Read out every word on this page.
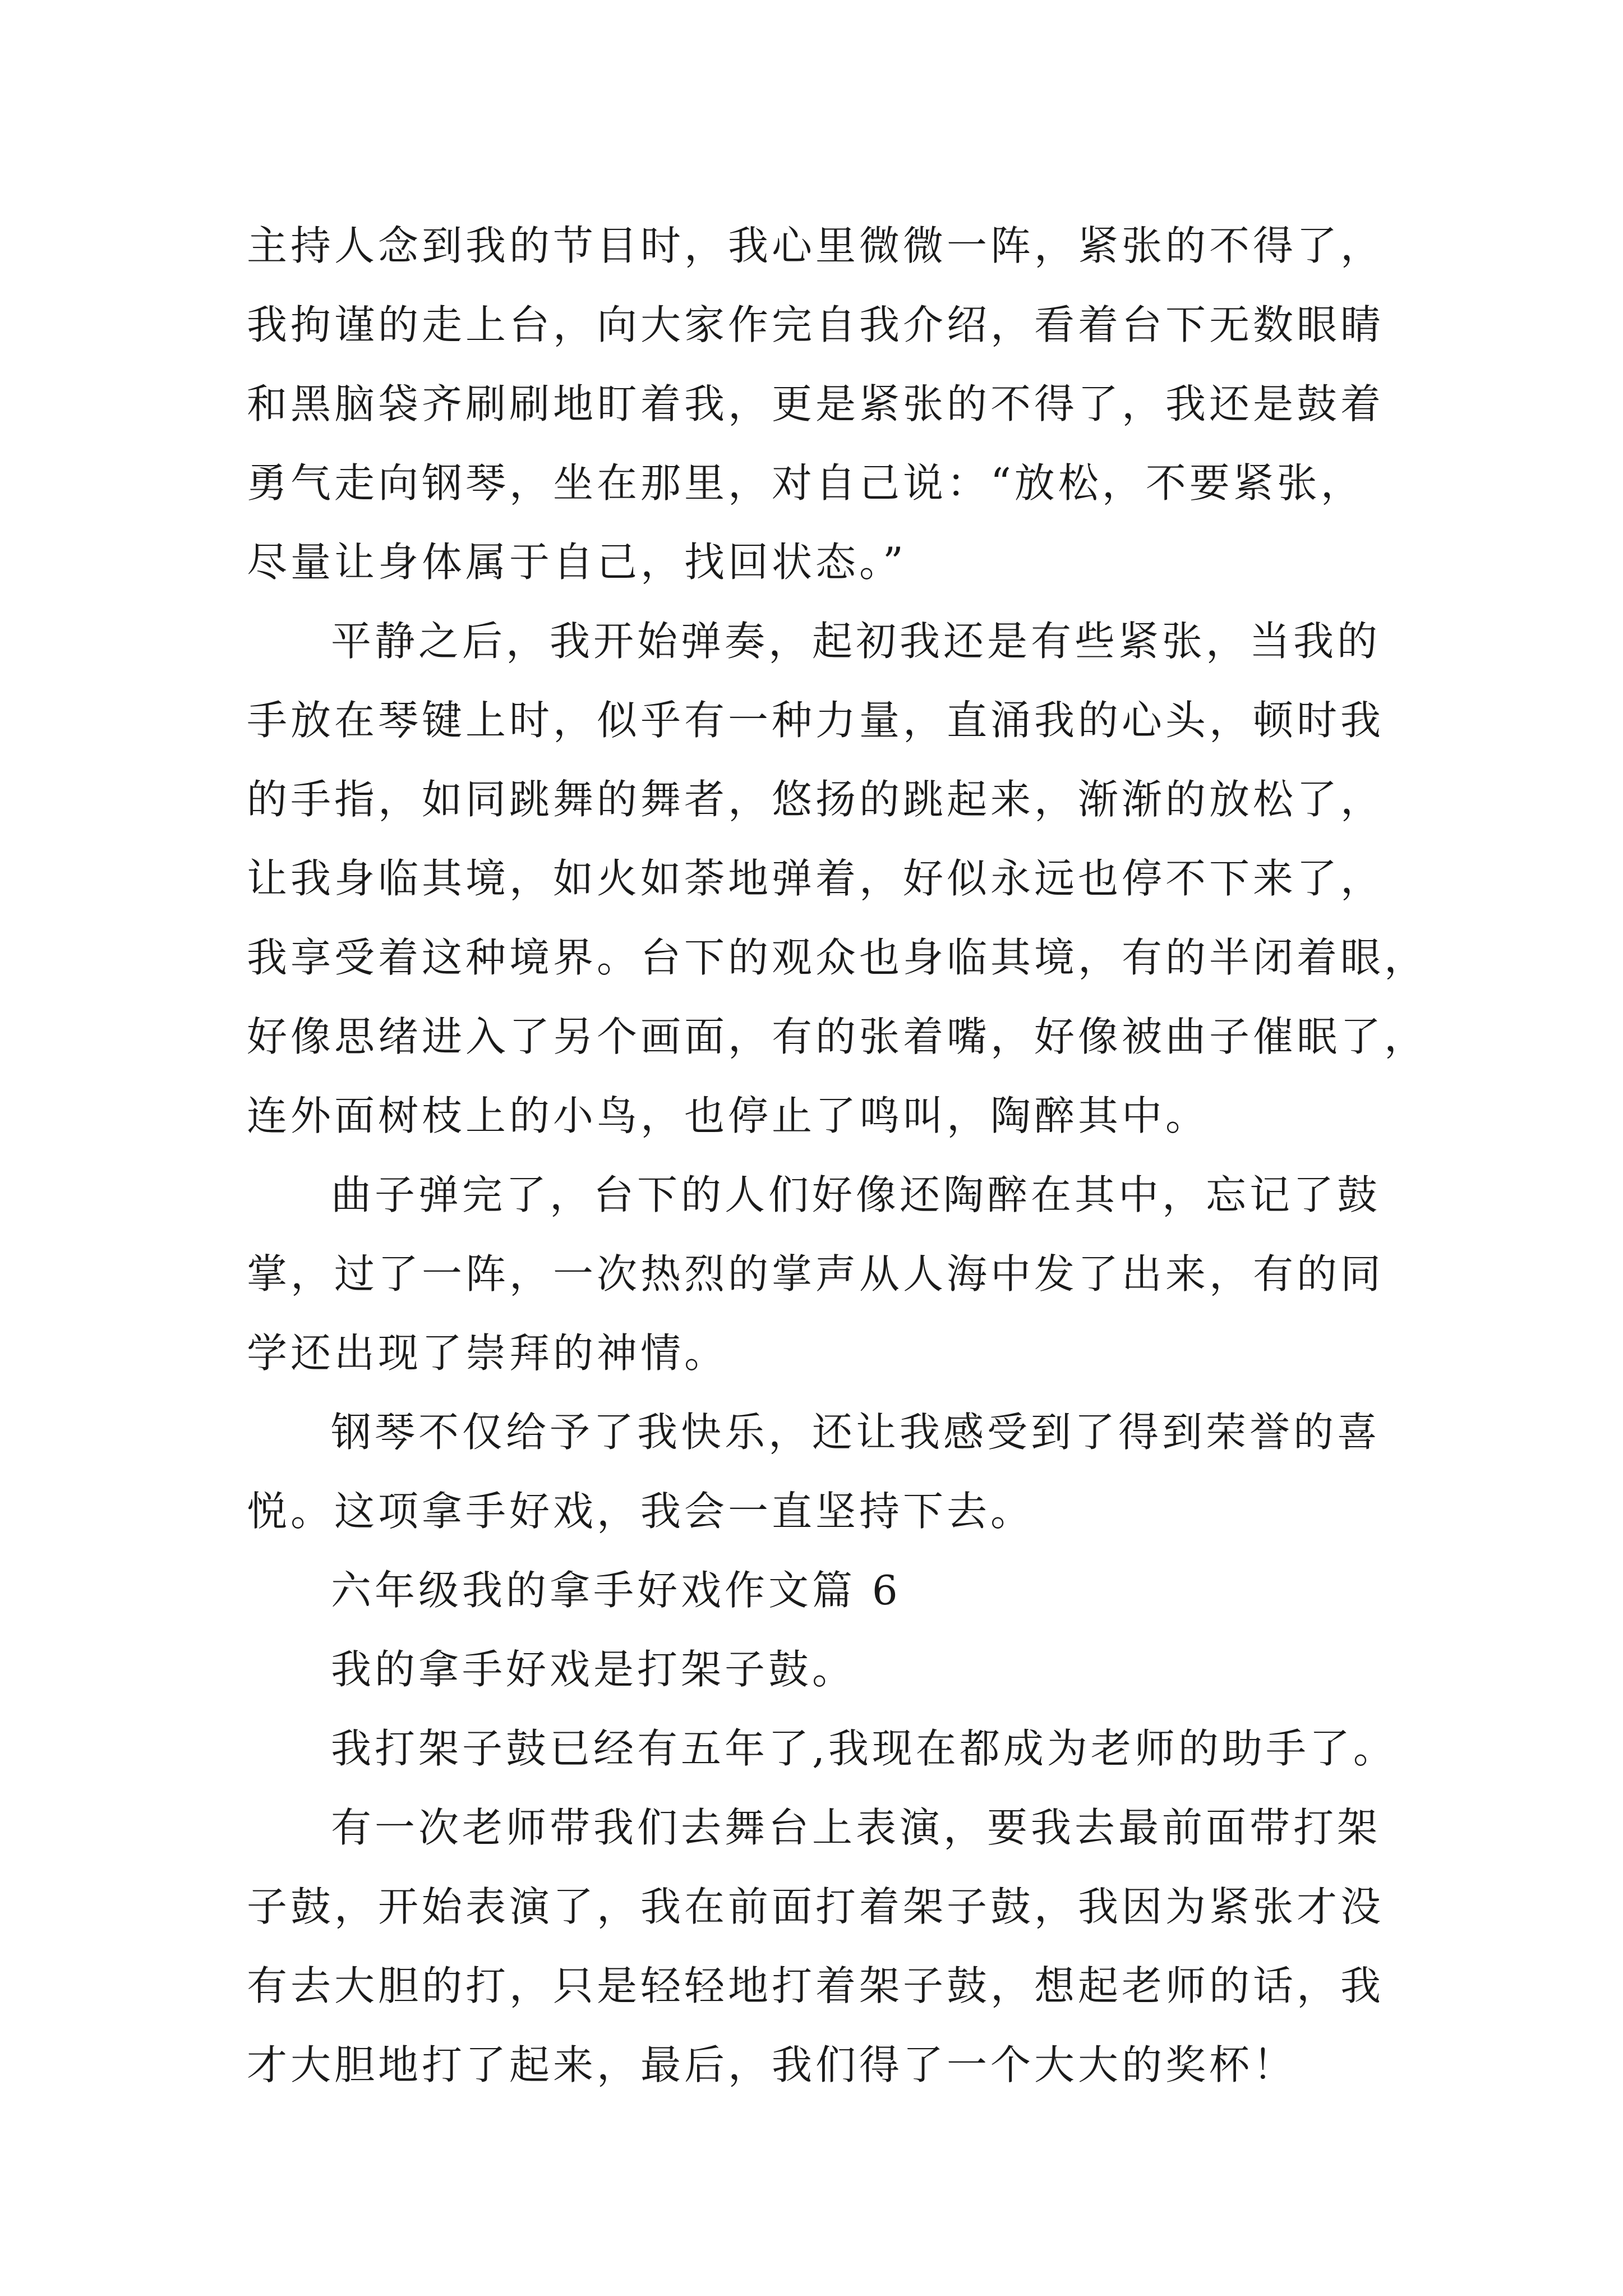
主持人念到我的节目时，我心里微微一阵，紧张的不得了，
我拘谨的走上台，向大家作完自我介绍，看着台下无数眼睛
和黑脑袋齐刷刷地盯着我，更是紧张的不得了，我还是鼓着
勇气走向钢琴，坐在那里，对自己说：“放松，不要紧张，
尽量让身体属于自己，找回状态。”
平静之后，我开始弹奏，起初我还是有些紧张，当我的
手放在琴键上时，似乎有一种力量，直涌我的心头，顿时我
的手指，如同跳舞的舞者，悠扬的跳起来，渐渐的放松了，
让我身临其境，如火如荼地弹着，好似永远也停不下来了，
我享受着这种境界。台下的观众也身临其境，有的半闭着眼，
好像思绪进入了另个画面，有的张着嘴，好像被曲子催眠了，
连外面树枝上的小鸟，也停止了鸣叫，陶醉其中。
曲子弹完了，台下的人们好像还陶醉在其中，忘记了鼓
掌，过了一阵，一次热烈的掌声从人海中发了出来，有的同
学还出现了崇拜的神情。
钢琴不仅给予了我快乐，还让我感受到了得到荣誉的喜
悦。这项拿手好戏，我会一直坚持下去。
六年级我的拿手好戏作文篇 6
我的拿手好戏是打架子鼓。
我打架子鼓已经有五年了,我现在都成为老师的助手了。
有一次老师带我们去舞台上表演，要我去最前面带打架
子鼓，开始表演了，我在前面打着架子鼓，我因为紧张才没
有去大胆的打，只是轻轻地打着架子鼓，想起老师的话，我
才大胆地打了起来，最后，我们得了一个大大的奖杯！
